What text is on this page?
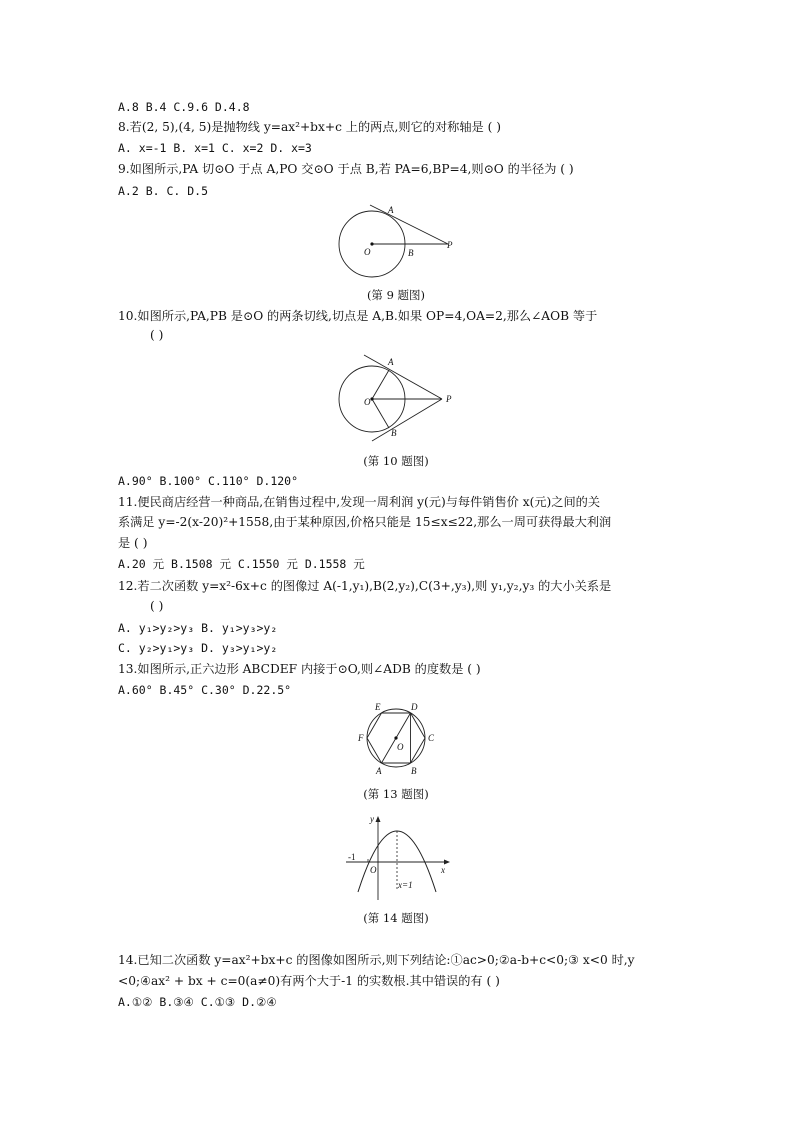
A.8 B.4 C.9.6 D.4.8
8.若(2, 5),(4, 5)是抛物线 y=ax²+bx+c 上的两点,则它的对称轴是 ( )
A. x=-1 B. x=1 C. x=2 D. x=3
9.如图所示,PA 切⊙O 于点 A,PO 交⊙O 于点 B,若 PA=6,BP=4,则⊙O 的半径为 ( )
A.2 B. C. D.5
A
O	B
P
(第 9 题图)
10.如图所示,PA,PB 是⊙O 的两条切线,切点是 A,B.如果 OP=4,OA=2,那么∠AOB 等于
( )
A
O
B
P
(第 10 题图)
A.90° B.100° C.110° D.120°
11.便民商店经营一种商品,在销售过程中,发现一周利润 y(元)与每件销售价 x(元)之间的关
系满足 y=-2(x-20)²+1558,由于某种原因,价格只能是 15≤x≤22,那么一周可获得最大利润
是 ( )
A.20 元 B.1508 元 C.1550 元 D.1558 元
12.若二次函数 y=x²-6x+c 的图像过 A(-1,y₁),B(2,y₂),C(3+,y₃),则 y₁,y₂,y₃ 的大小关系是
( )
A. y₁>y₂>y₃ B. y₁>y₃>y₂
C. y₂>y₁>y₃ D. y₃>y₁>y₂
13.如图所示,正六边形 ABCDEF 内接于⊙O,则∠ADB 的度数是 ( )
A.60° B.45° C.30° D.22.5°
A	B
C
D
E
F
O
(第 13 题图)
y
x
O
-1
x=1
(第 14 题图)
14.已知二次函数 y=ax²+bx+c 的图像如图所示,则下列结论:①ac>0;②a-b+c<0;③ x<0 时,y
<0;④ax² + bx + c=0(a≠0)有两个大于-1 的实数根.其中错误的有 ( )
A.①② B.③④ C.①③ D.②④
